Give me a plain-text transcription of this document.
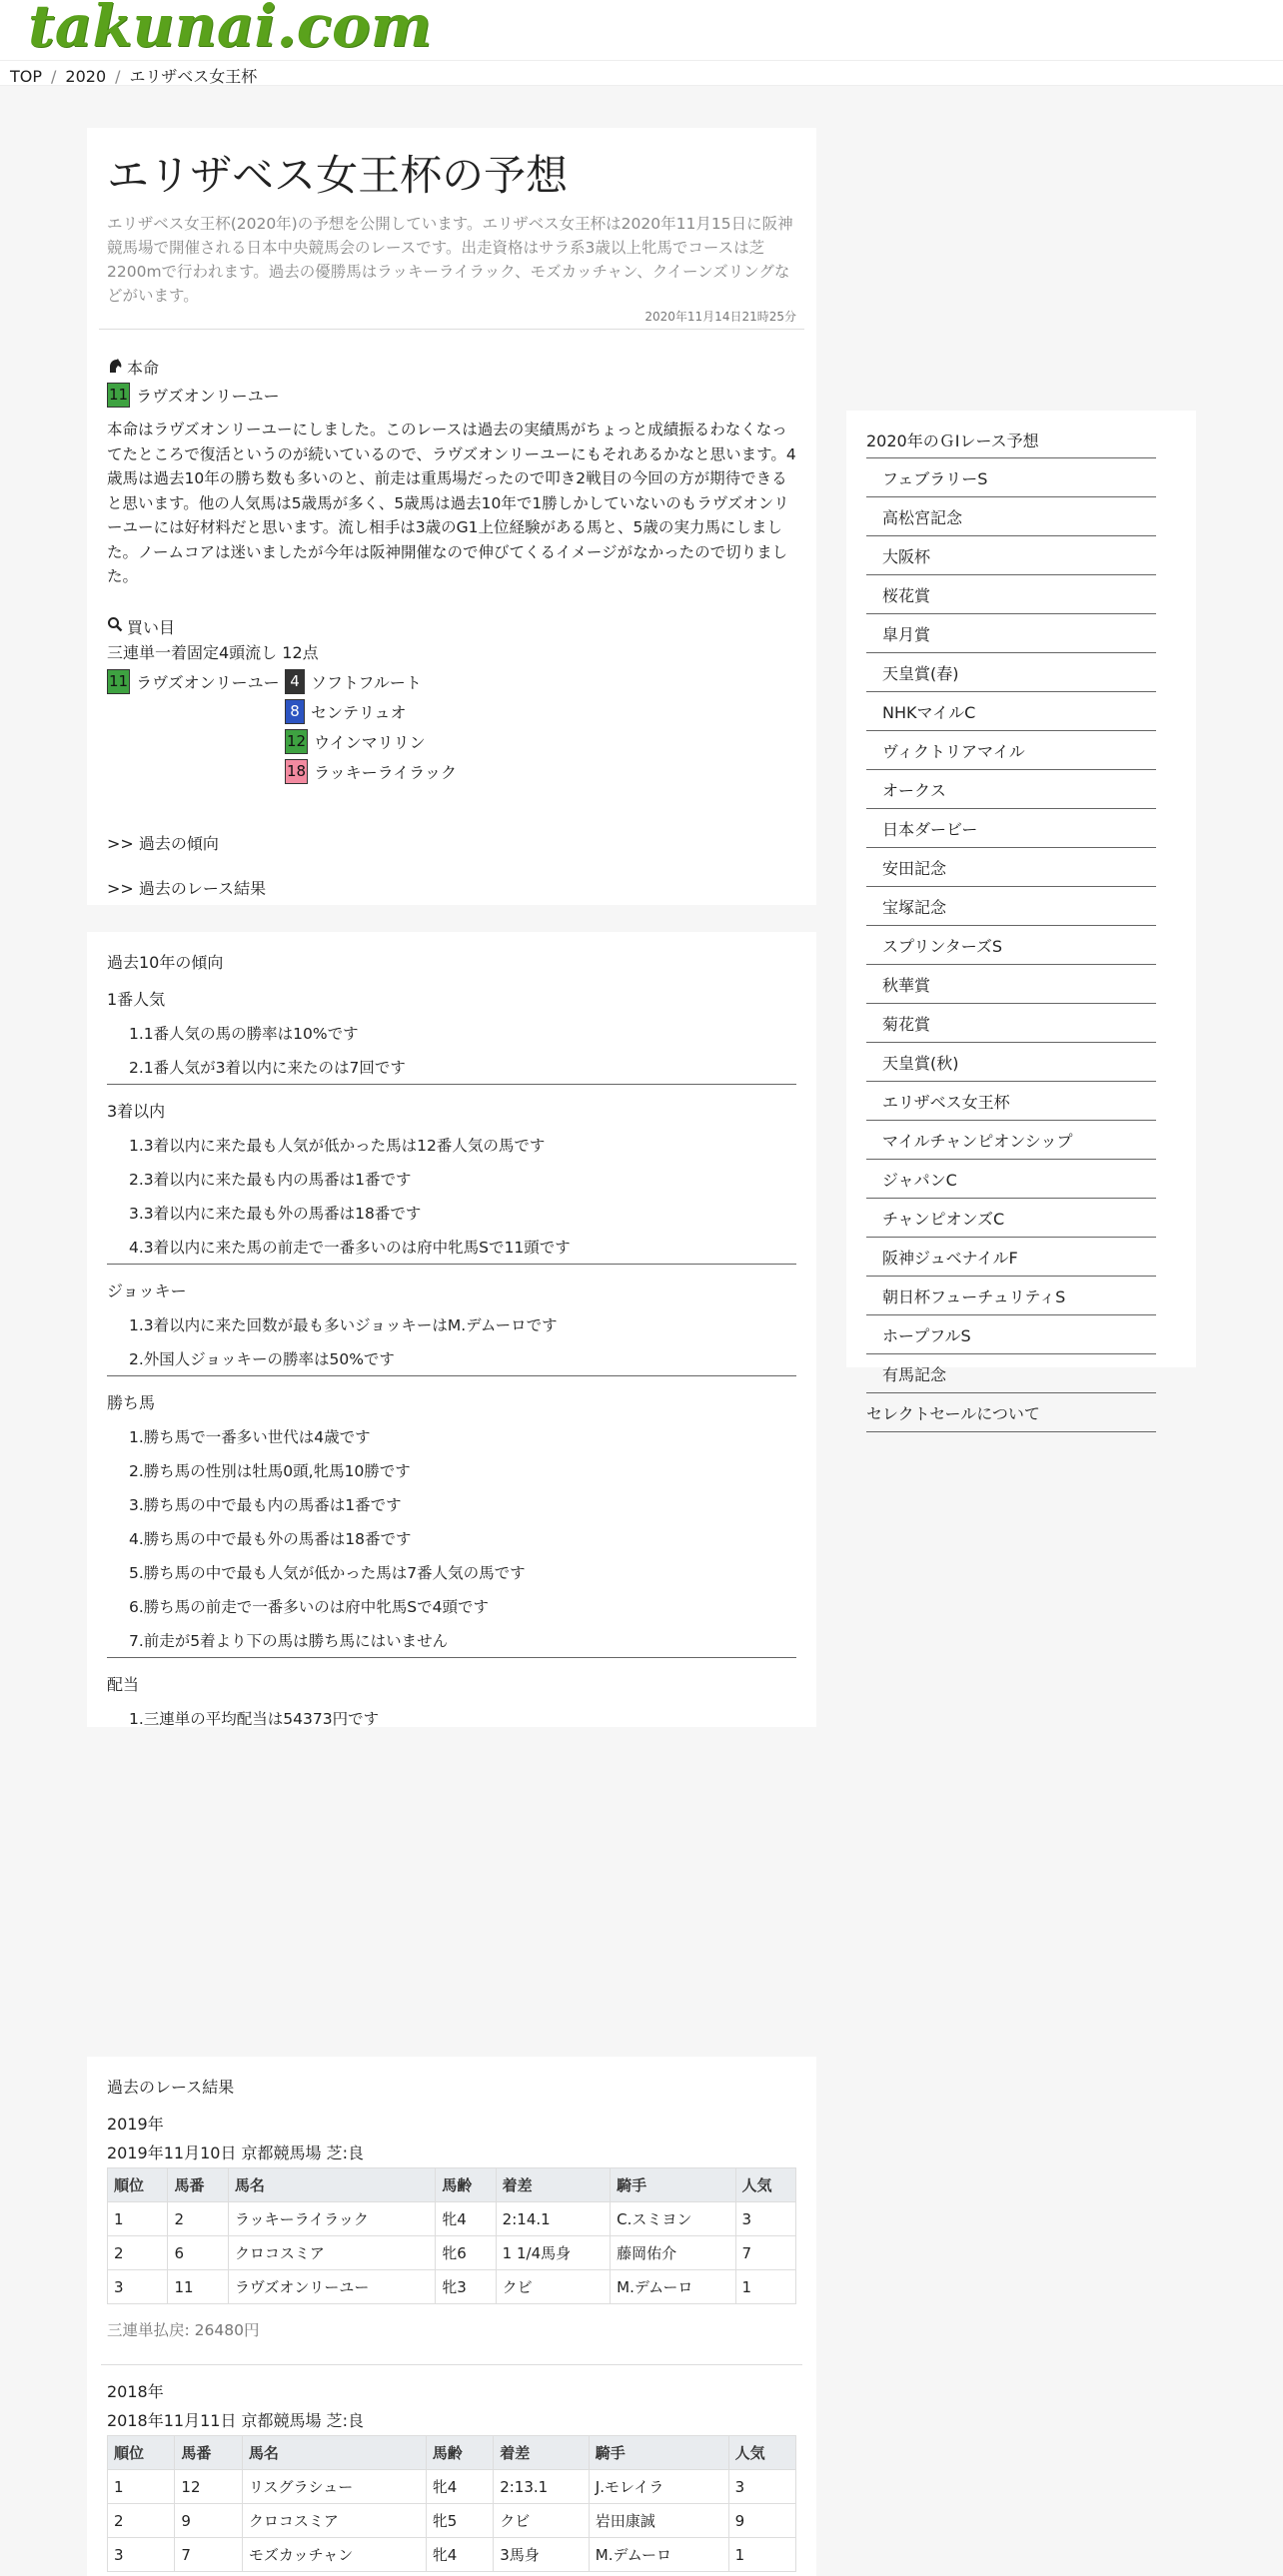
takunai.com
TOP / 2020 / エリザベス女王杯
エリザベス女王杯の予想

エリザベス女王杯(2020年)の予想を公開しています。エリザベス女王杯は2020年11月15日に阪神競馬場で開催される日本中央競馬会のレースです。出走資格はサラ系3歳以上牝馬でコースは芝2200mで行われます。過去の優勝馬はラッキーライラック、モズカッチャン、クイーンズリングなどがいます。

2020年11月14日21時25分
本命
11 ラヴズオンリーユー

本命はラヴズオンリーユーにしました。このレースは過去の実績馬がちょっと成績振るわなくなってたところで復活というのが続いているので、ラヴズオンリーユーにもそれあるかなと思います。4歳馬は過去10年の勝ち数も多いのと、前走は重馬場だったので叩き2戦目の今回の方が期待できると思います。他の人気馬は5歳馬が多く、5歳馬は過去10年で1勝しかしていないのもラヴズオンリーユーには好材料だと思います。流し相手は3歳のG1上位経験がある馬と、5歳の実力馬にしました。ノームコアは迷いましたが今年は阪神開催なので伸びてくるイメージがなかったので切りました。

買い目
三連単一着固定4頭流し 12点
11 ラヴズオンリーユー 4 ソフトフルート
8 センテリュオ
12 ウインマリリン
18 ラッキーライラック
>> 過去の傾向
>> 過去のレース結果
過去10年の傾向
1番人気
1.1番人気の馬の勝率は10%です
2.1番人気が3着以内に来たのは7回です
3着以内
1.3着以内に来た最も人気が低かった馬は12番人気の馬です
2.3着以内に来た最も内の馬番は1番です
3.3着以内に来た最も外の馬番は18番です
4.3着以内に来た馬の前走で一番多いのは府中牝馬Sで11頭です
ジョッキー
1.3着以内に来た回数が最も多いジョッキーはM.デムーロです
2.外国人ジョッキーの勝率は50%です
勝ち馬
1.勝ち馬で一番多い世代は4歳です
2.勝ち馬の性別は牡馬0頭,牝馬10勝です
3.勝ち馬の中で最も内の馬番は1番です
4.勝ち馬の中で最も外の馬番は18番です
5.勝ち馬の中で最も人気が低かった馬は7番人気の馬です
6.勝ち馬の前走で一番多いのは府中牝馬Sで4頭です
7.前走が5着より下の馬は勝ち馬にはいません
配当
1.三連単の平均配当は54373円です
2020年のＧⅠレース予想
フェブラリーS
高松宮記念
大阪杯
桜花賞
皐月賞
天皇賞(春)
NHKマイルC
ヴィクトリアマイル
オークス
日本ダービー
安田記念
宝塚記念
スプリンターズS
秋華賞
菊花賞
天皇賞(秋)
エリザベス女王杯
マイルチャンピオンシップ
ジャパンC
チャンピオンズC
阪神ジュベナイルF
朝日杯フューチュリティS
ホープフルS
有馬記念
セレクトセールについて
過去のレース結果
2019年
2019年11月10日 京都競馬場 芝:良
順位	馬番	馬名	馬齢	着差	騎手	人気
1	2	ラッキーライラック	牝4	2:14.1	C.スミヨン	3
2	6	クロコスミア	牝6	1 1/4馬身	藤岡佑介	7
3	11	ラヴズオンリーユー	牝3	クビ	M.デムーロ	1
三連単払戻: 26480円
2018年
2018年11月11日 京都競馬場 芝:良
順位	馬番	馬名	馬齢	着差	騎手	人気
1	12	リスグラシュー	牝4	2:13.1	J.モレイラ	3
2	9	クロコスミア	牝5	クビ	岩田康誠	9
3	7	モズカッチャン	牝4	3馬身	M.デムーロ	1
